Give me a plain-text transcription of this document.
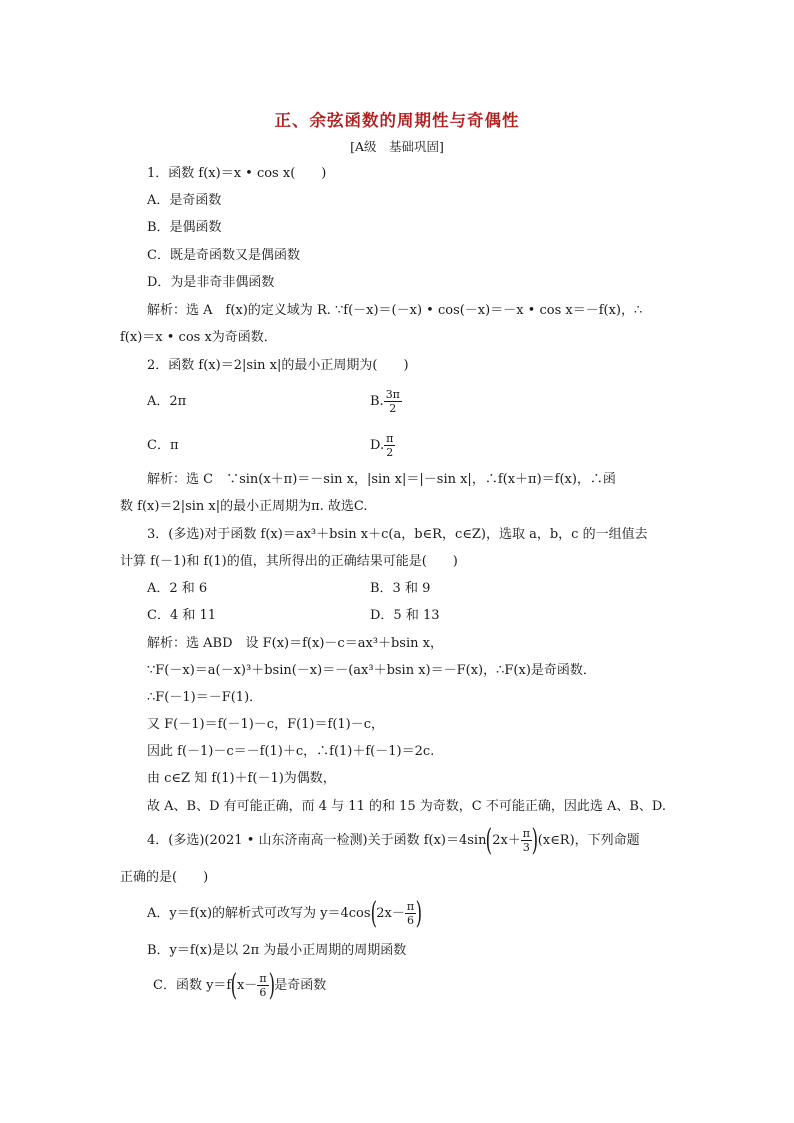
正、余弦函数的周期性与奇偶性
[A级　基础巩固]
1．函数 f(x)＝x • cos x(　　)
A．是奇函数
B．是偶函数
C．既是奇函数又是偶函数
D．为是非奇非偶函数
解析：选 A　f(x)的定义域为 R. ∵f(－x)＝(－x) • cos(－x)＝－x • cos x＝－f(x)，∴
f(x)＝x • cos x为奇函数．
2．函数 f(x)＝2|sin x|的最小正周期为(　　)
A．2π	B. $\frac{3\pi}{2}$
C．π	D. $\frac{\pi}{2}$
解析：选 C　∵sin(x＋π)＝－sin x，|sin x|＝|－sin x|，∴f(x＋π)＝f(x)，∴函
数 f(x)＝2|sin x|的最小正周期为π. 故选C.
3．(多选)对于函数 f(x)＝ax³＋bsin x＋c(a，b∈R，c∈Z)，选取 a，b，c 的一组值去
计算 f(－1)和 f(1)的值，其所得出的正确结果可能是(　　)
A．2 和 6	B．3 和 9
C．4 和 11	D．5 和 13
解析：选 ABD　设 F(x)＝f(x)－c＝ax³＋bsin x，
∵F(－x)＝a(－x)³＋bsin(－x)＝－(ax³＋bsin x)＝－F(x)，∴F(x)是奇函数．
∴F(－1)＝－F(1)．
又 F(－1)＝f(－1)－c，F(1)＝f(1)－c，
因此 f(－1)－c＝－f(1)＋c，∴f(1)＋f(－1)＝2c.
由 c∈Z 知 f(1)＋f(－1)为偶数，
故 A、B、D 有可能正确，而 4 与 11 的和 15 为奇数，C 不可能正确，因此选 A、B、D.
4．(多选)(2021 • 山东济南高一检测)关于函数 $f(x)=4\sin(2x+ \frac{\pi}{3}$ )(x∈R)，下列命题
正确的是(　　)
A．y＝f(x)的解析式可改写为 $y=4\cos(2x- \frac{\pi}{6}$ )
B．y＝f(x)是以 2π 为最小正周期的周期函数
C．函数 $y=f(x- \frac{\pi}{6}$ )是奇函数
